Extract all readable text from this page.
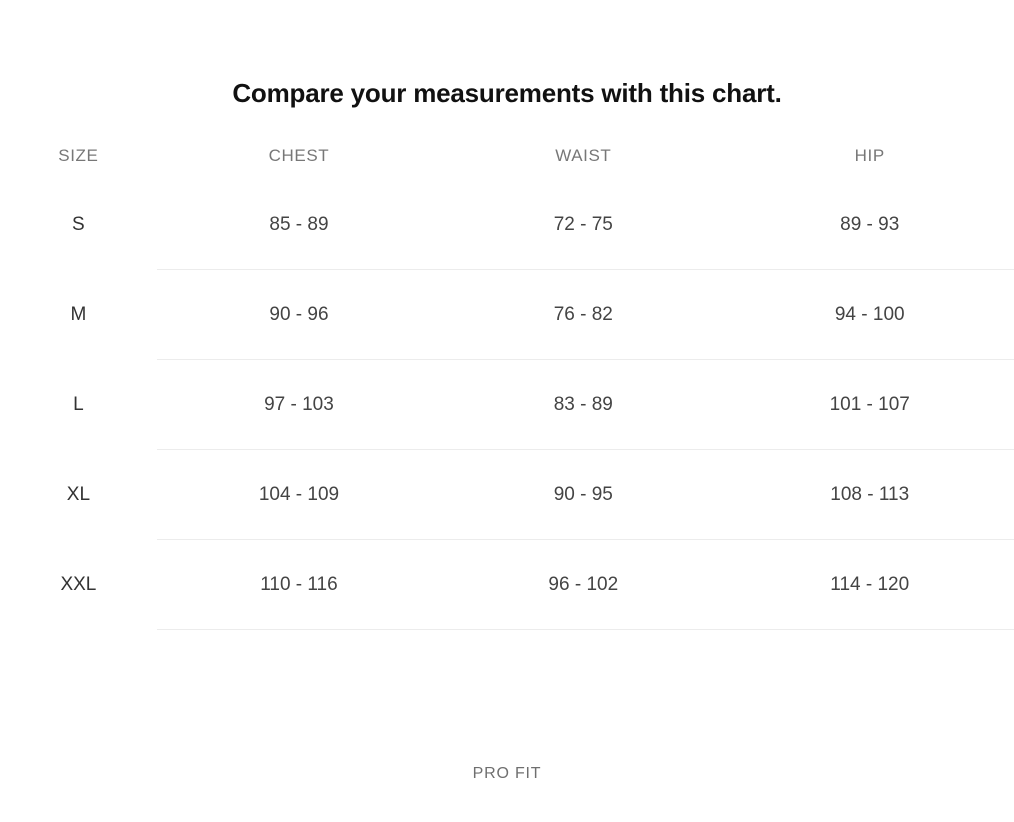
Compare your measurements with this chart.
SIZE	CHEST	WAIST	HIP
S	85 - 89	72 - 75	89 - 93
M	90 - 96	76 - 82	94 - 100
L	97 - 103	83 - 89	101 - 107
XL	104 - 109	90 - 95	108 - 113
XXL	110 - 116	96 - 102	114 - 120
PRO FIT
